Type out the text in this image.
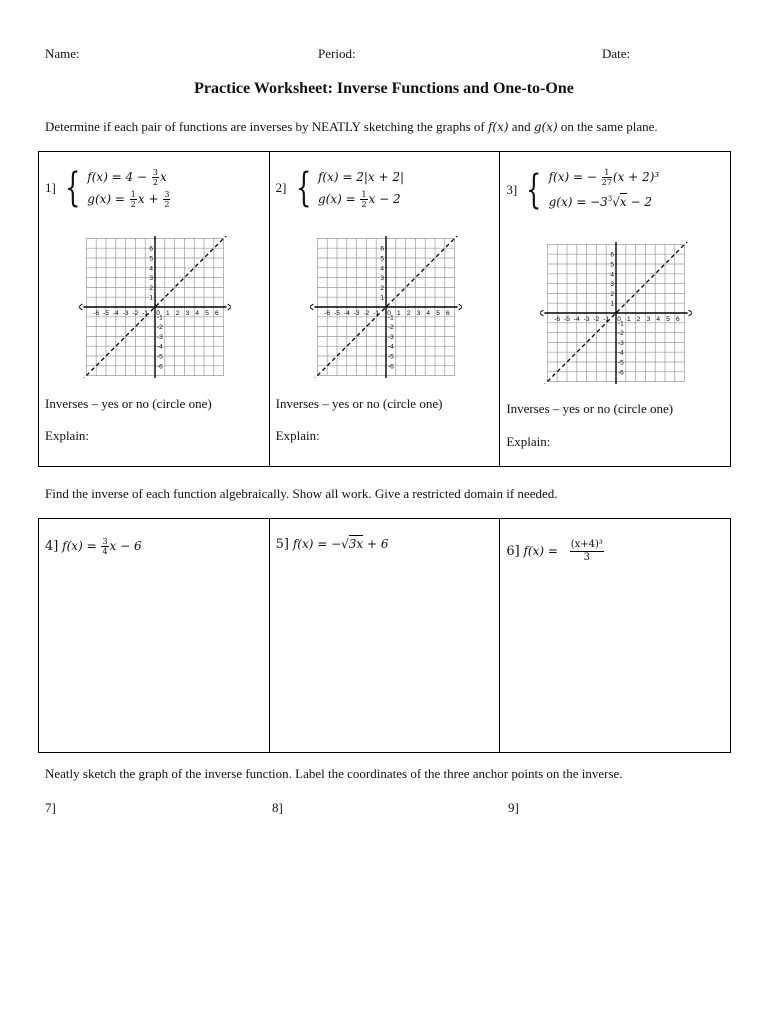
Name:	Period:	Date:
Practice Worksheet: Inverse Functions and One-to-One
Determine if each pair of functions are inverses by NEATLY sketching the graphs of f(x) and g(x) on the same plane.
1] { $f(x) = 4 - \frac{3}{2}$ x
$g(x) = \frac{1}{2}$ $x + \frac{3}{2}$
-6 -5 -4 -3 -2 -1 0 1 2 3 4 5 6
6
5
4
3
2
1
-1
-2
-3
-4
-5
-6
Inverses – yes or no (circle one)
Explain:

2] { f(x) = 2|x + 2|
$g(x) = \frac{1}{2}$ x − 2
-6 -5 -4 -3 -2 -1 0 1 2 3 4 5 6
6
5
4
3
2
1
-1
-2
-3
-4
-5
-6
Inverses – yes or no (circle one)
Explain:

3] { f(x) = − $\frac{1}{27} (x + 2)^3$
$g(x) = -3^3√x - 2$
-6 -5 -4 -3 -2 -1 0 1 2 3 4 5 6
6
5
4
3
2
1
-1
-2
-3
-4
-5
-6
Inverses – yes or no (circle one)
Explain:
Find the inverse of each function algebraically. Show all work. Give a restricted domain if needed.
4] $f(x) = \frac{3}{4}$ x − 6	5] f(x) = −√3x + 6	6] $f(x) = \frac{\text{(x+4)³}}{3}$
Neatly sketch the graph of the inverse function. Label the coordinates of the three anchor points on the inverse.
7]	8]	9]
